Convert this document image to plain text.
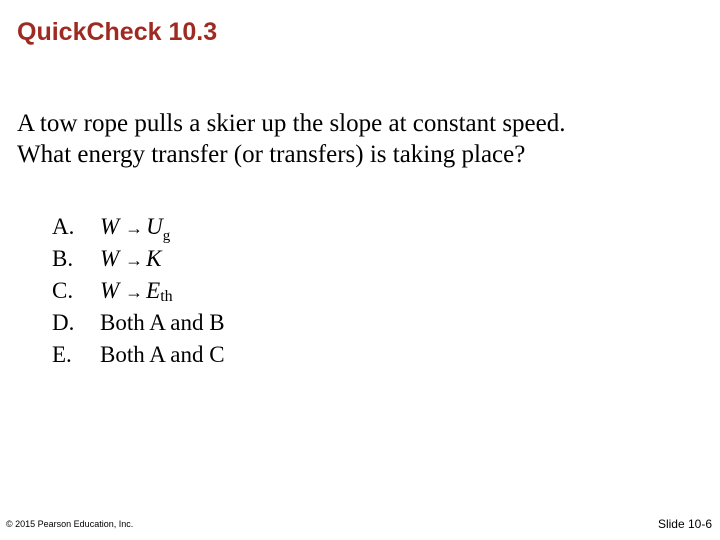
QuickCheck 10.3
A tow rope pulls a skier up the slope at constant speed.
What energy transfer (or transfers) is taking place?
A. $W \to U_g$
B. W → K
C. W → Eth
D. Both A and B
E. Both A and C
© 2015 Pearson Education, Inc.	Slide 10-6
